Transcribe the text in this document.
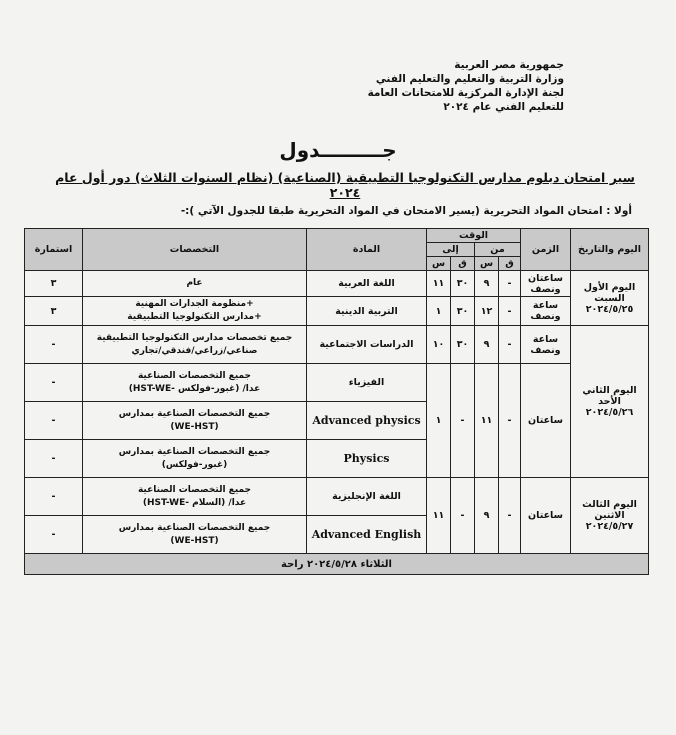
جمهورية مصر العربية
وزارة التربية والتعليم والتعليم الفني
لجنة الإدارة المركزية للامتحانات العامة
للتعليم الفني عام ٢٠٢٤
جـــــــــدول
سير امتحان دبلوم مدارس التكنولوجيا التطبيقية (الصناعية) (نظام السنوات الثلاث) دور أول عام ٢٠٢٤
أولا : امتحان المواد التحريرية (يسير الامتحان في المواد التحريرية طبقا للجدول الآتي ):-
اليوم والتاريخ	الزمن	الوقت				المادة	التخصصات	استمارة
		من		إلى				
		ق	س	ق	س			
اليوم الأول السبت ٢٠٢٤/٥/٢٥	ساعتان ونصف	-	٩	٣٠	١١	اللغة العربية	عام	٣
	ساعة ونصف	-	١٢	٣٠	١	التربية الدينية	+منظومة الجدارات المهنية
+مدارس التكنولوجيا التطبيقية	٣
اليوم الثاني الأحد ٢٠٢٤/٥/٢٦	ساعة ونصف	-	٩	٣٠	١٠	الدراسات الاجتماعية	جميع تخصصات مدارس التكنولوجيا التطبيقية
صناعي/زراعي/فندقي/تجاري	-
	ساعتان	-	١١	-	١	الفيزياء	جميع التخصصات الصناعية
عدا/ (غبور-فولكس -HST-WE)	-
						Advanced physics	جميع التخصصات الصناعية بمدارس
(WE-HST)	-
						Physics	جميع التخصصات الصناعية بمدارس
(غبور-فولكس)	-
اليوم الثالث الاثنين ٢٠٢٤/٥/٢٧	ساعتان	-	٩	-	١١	اللغة الإنجليزية	جميع التخصصات الصناعية
عدا/ (السلام -HST-WE)	-
						Advanced English	جميع التخصصات الصناعية بمدارس
(WE-HST)	-
الثلاثاء ٢٠٢٤/٥/٢٨ راحة								
